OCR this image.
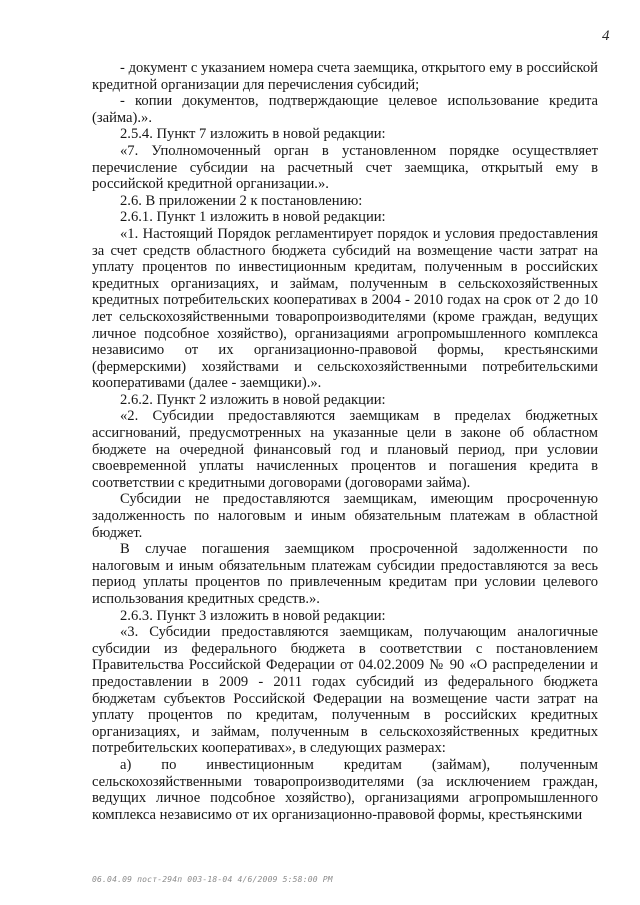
4

- документ с указанием номера счета заемщика, открытого ему в российской кредитной организации для перечисления субсидий;

- копии документов, подтверждающие целевое использование кредита (займа).».

2.5.4. Пункт 7 изложить в новой редакции:

«7. Уполномоченный орган в установленном порядке осуществляет перечисление субсидии на расчетный счет заемщика, открытый ему в российской кредитной организации.».

2.6. В приложении 2 к постановлению:

2.6.1. Пункт 1 изложить в новой редакции:

«1. Настоящий Порядок регламентирует порядок и условия предоставления за счет средств областного бюджета субсидий на возмещение части затрат на уплату процентов по инвестиционным кредитам, полученным в российских кредитных организациях, и займам, полученным в сельскохозяйственных кредитных потребительских кооперативах в 2004 - 2010 годах на срок от 2 до 10 лет сельскохозяйственными товаропроизводителями (кроме граждан, ведущих личное подсобное хозяйство), организациями агропромышленного комплекса независимо от их организационно-правовой формы, крестьянскими (фермерскими) хозяйствами и сельскохозяйственными потребительскими кооперативами (далее - заемщики).».

2.6.2. Пункт 2 изложить в новой редакции:

«2. Субсидии предоставляются заемщикам в пределах бюджетных ассигнований, предусмотренных на указанные цели в законе об областном бюджете на очередной финансовый год и плановый период, при условии своевременной уплаты начисленных процентов и погашения кредита в соответствии с кредитными договорами (договорами займа).

Субсидии не предоставляются заемщикам, имеющим просроченную задолженность по налоговым и иным обязательным платежам в областной бюджет.

В случае погашения заемщиком просроченной задолженности по налоговым и иным обязательным платежам субсидии предоставляются за весь период уплаты процентов по привлеченным кредитам при условии целевого использования кредитных средств.».

2.6.3. Пункт 3 изложить в новой редакции:

«3. Субсидии предоставляются заемщикам, получающим аналогичные субсидии из федерального бюджета в соответствии с постановлением Правительства Российской Федерации от 04.02.2009 № 90 «О распределении и предоставлении в 2009 - 2011 годах субсидий из федерального бюджета бюджетам субъектов Российской Федерации на возмещение части затрат на уплату процентов по кредитам, полученным в российских кредитных организациях, и займам, полученным в сельскохозяйственных кредитных потребительских кооперативах», в следующих размерах:

а) по инвестиционным кредитам (займам), полученным сельскохозяйственными товаропроизводителями (за исключением граждан, ведущих личное подсобное хозяйство), организациями агропромышленного комплекса независимо от их организационно-правовой формы, крестьянскими

06.04.09 пост-294п 003-18-04 4/6/2009 5:58:00 PM
